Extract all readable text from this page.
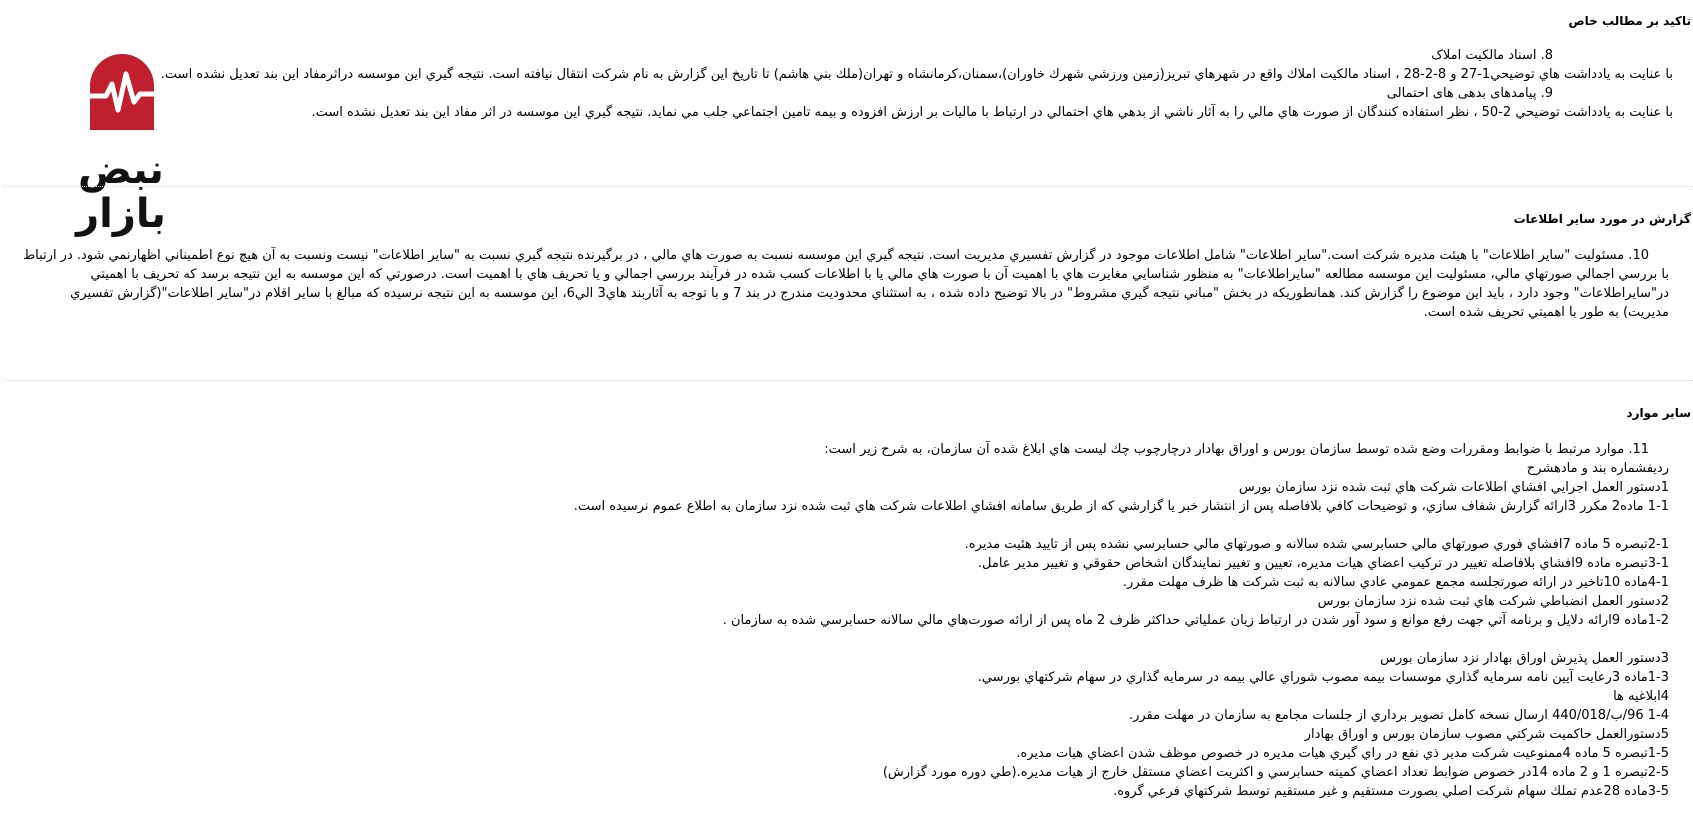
تاكيد بر مطالب خاص
8. اسناد مالکیت املاک
با عنايت به يادداشت هاي توضيحي1-27 و 8-2-28 ، اسناد مالكيت املاك واقع در شهرهاي تبريز(زمين ورزشي شهرك خاوران)،سمنان،كرمانشاه و تهران(ملك بني هاشم) تا تاريخ اين گزارش به نام شركت انتقال نيافته است. نتيجه گيري اين موسسه درا‌ثرمفاد اين بند تعديل نشده است.
9. پیامدهای بدهی های احتمالی
با عنايت به يادداشت توضيحي 2-50 ، نظر استفاده كنندگان از صورت هاي مالي را به آثار ناشي از بدهي هاي احتمالي در ارتباط با ماليات بر ارزش افزوده و بيمه تامين اجتماعي جلب مي نمايد. نتيجه گيري اين موسسه در اثر مفاد اين بند تعديل نشده است.
نبض بازار	گزارش در مورد ساير اطلاعات
10. مسئولیت "ساير اطلاعات" با هيئت مديره شركت است."ساير اطلاعات" شامل اطلاعات موجود در گزارش تفسيري مديريت است. نتيجه گيري اين موسسه نسبت به صورت هاي مالي ، در برگيرنده نتيجه گيري نسبت به "ساير اطلاعات" نيست ونسبت به آن هيچ نوع اطميناني اظهارنمي شود. در ارتباط با بررسي اجمالي صورتهاي مالي، مسئوليت اين موسسه مطالعه "سايراطلاعات" به منظور شناسايي مغايرت هاي با اهميت آن با صورت هاي مالي يا با اطلاعات كسب شده در فرآيند بررسي اجمالي و يا تحريف هاي با اهميت است. درصورتي كه اين موسسه به اين نتيجه برسد كه تحريف با اهميتي در"سايراطلاعات" وجود دارد ، بايد اين موضوع را گزارش كند. همانطوريكه در بخش "مباني نتيجه گيري مشروط" در بالا توضيح داده شده ، به استثناي محدوديت مندرج در بند 7 و با توجه به آثاربند هاي3 الي6، اين موسسه به اين نتيجه نرسيده كه مبالغ با ساير اقلام در"ساير اطلاعات"(گزارش تفسيري مديريت) به طور با اهميتي تحريف شده است.
ساير موارد
11. موارد مرتبط با ضوابط ومقررات وضع شده توسط سازمان بورس و اوراق بهادار درچارچوب چك ليست هاي ابلاغ شده آن سازمان، به شرح زير است:
رديفشماره بند و مادهشرح
1دستور العمل اجرايي افشاي اطلاعات شركت هاي ثبت شده نزد سازمان بورس
1-1 ماده2 مكرر 3ارائه گزارش شفاف سازي، و توضيحات كافي بلافاصله پس از انتشار خبر يا گزارشي كه از طريق سامانه افشاي اطلاعات شركت هاي ثبت شده نزد سازمان به اطلاع عموم نرسيده است.
2-1تبصره 5 ماده 7افشاي فوري صورتهاي مالي حسابرسي شده سالانه و صورتهاي مالي حسابرسي نشده پس از تاييد هئيت مديره.
3-1تبصره ماده 9افشاي بلافاصله تغيير در تركيب اعضاي هيات مديره، تعيين و تغيير نمايندگان اشخاص حقوقي و تغيير مدير عامل.
4-1ماده 10تاخير در ارائه صورتجلسه مجمع عمومي عادي سالانه به ثبت شركت ها ظرف مهلت مقرر.
2دستور العمل انضباطي شركت هاي ثبت شده نزد سازمان بورس
1-2ماده 9ارائه دلايل و برنامه آتي جهت رفع موانع و سود آور شدن در ارتباط زيان عملياتي حداكثر ظرف 2 ماه پس از ارائه صورت‌هاي مالي سالانه حسابرسي شده به سازمان .
3دستور العمل پذيرش اوراق بهادار نزد سازمان بورس
1-3ماده 3رعايت آيين نامه سرمايه گذاري موسسات بيمه مصوب شوراي عالي بيمه در سرمايه گذاري در سهام شركتهاي بورسي.
4ابلاغيه ها
1-4 96/ب/440/018 ارسال نسخه كامل تصوير برداري از جلسات مجامع به سازمان در مهلت مقرر.
5دستورالعمل حاكميت شركتي مصوب سازمان بورس و اوراق بهادار
1-5تبصره 5 ماده 4ممنوعيت شركت مدير ذي نفع در راي گيري هيات مديره در خصوص موظف شدن اعضاي هيات مديره.
2-5تبصره 1 و 2 ماده 14در خصوص ضوابط تعداد اعضاي كميته حسابرسي و اكثريت اعضاي مستقل خارج از هيات مديره.(طي دوره مورد گزارش)
3-5ماده 28عدم تملك سهام شركت اصلي بصورت مستقيم و غير مستقيم توسط شركتهاي فرعي گروه.
